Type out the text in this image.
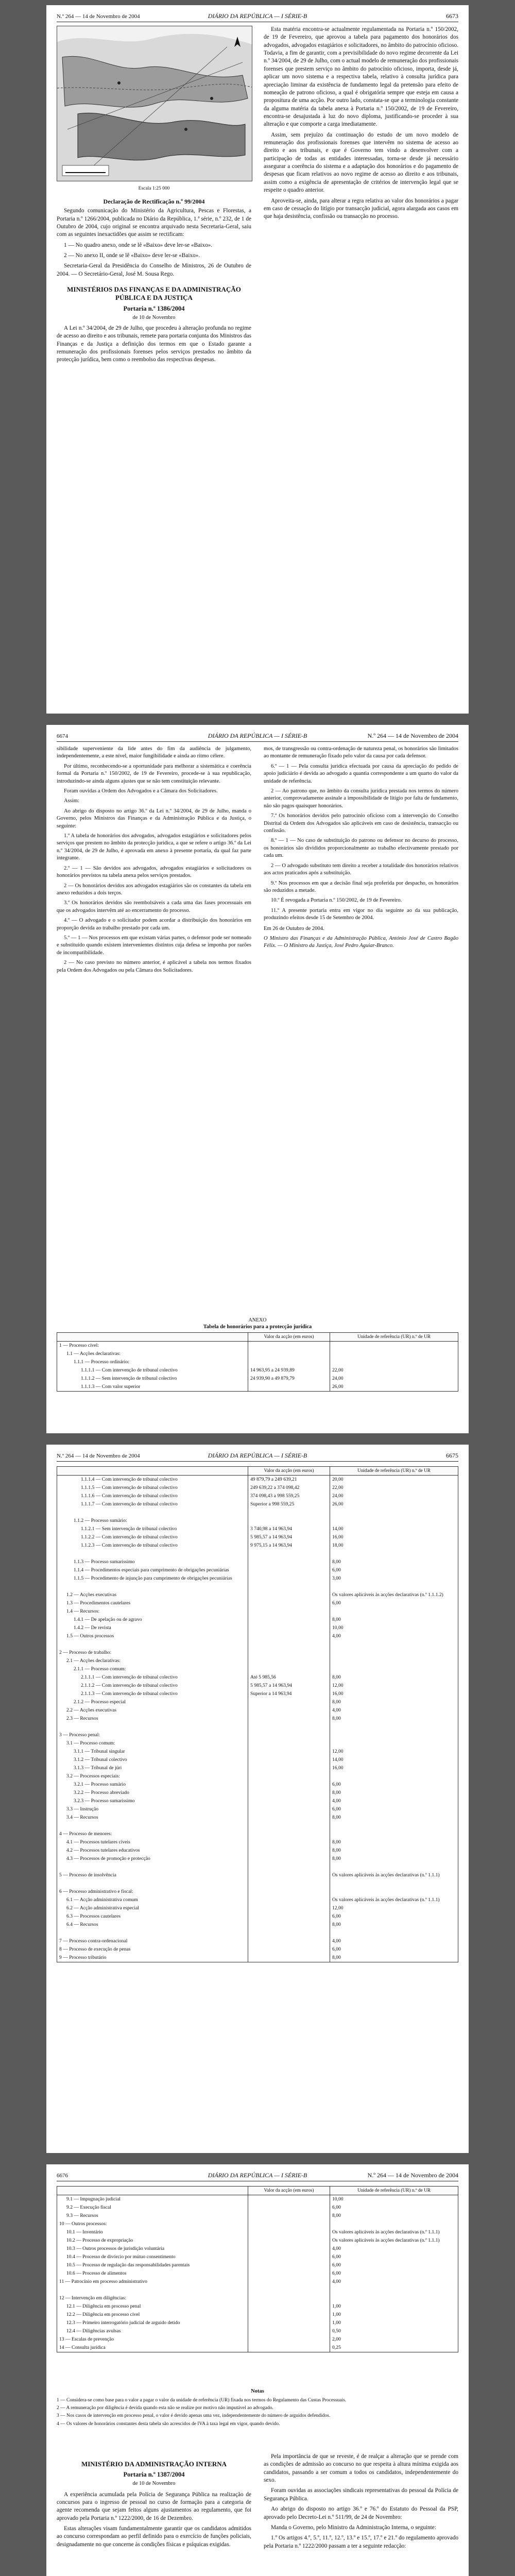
N.º 264 — 14 de Novembro de 2004	DIÁRIO DA REPÚBLICA — I SÉRIE-B	6673
Escala 1:25 000
Declaração de Rectificação n.º 99/2004

Segundo comunicação do Ministério da Agricultura, Pescas e Florestas, a Portaria n.º 1266/2004, publicada no Diário da República, 1.ª série, n.º 232, de 1 de Outubro de 2004, cujo original se encontra arquivado nesta Secretaria-Geral, saiu com as seguintes inexactidões que assim se rectificam:

1 — No quadro anexo, onde se lê «Baixo» deve ler-se «Baixo».

2 — No anexo II, onde se lê «Baixo» deve ler-se «Baixo».

Secretaria-Geral da Presidência do Conselho de Ministros, 26 de Outubro de 2004. — O Secretário-Geral, José M. Sousa Rego.

MINISTÉRIOS DAS FINANÇAS E DA ADMINISTRAÇÃO PÚBLICA E DA JUSTIÇA
Portaria n.º 1386/2004
de 10 de Novembro

A Lei n.º 34/2004, de 29 de Julho, que procedeu à alteração profunda no regime de acesso ao direito e aos tribunais, remete para portaria conjunta dos Ministros das Finanças e da Justiça a definição dos termos em que o Estado garante a remuneração dos profissionais forenses pelos serviços prestados no âmbito da protecção jurídica, bem como o reembolso das respectivas despesas.

Esta matéria encontra-se actualmente regulamentada na Portaria n.º 150/2002, de 19 de Fevereiro, que aprovou a tabela para pagamento dos honorários dos advogados, advogados estagiários e solicitadores, no âmbito do patrocínio oficioso. Todavia, a fim de garantir, com a previsibilidade do novo regime decorrente da Lei n.º 34/2004, de 29 de Julho, com o actual modelo de remuneração dos profissionais forenses que prestem serviço no âmbito do patrocínio oficioso, importa, desde já, aplicar um novo sistema e a respectiva tabela, relativo à consulta jurídica para apreciação liminar da existência de fundamento legal da pretensão para efeito de nomeação de patrono oficioso, a qual é obrigatória sempre que esteja em causa a propositura de uma acção. Por outro lado, constata-se que a terminologia constante da alguma matéria da tabela anexa à Portaria n.º 150/2002, de 19 de Fevereiro, encontra-se desajustada à luz do novo diploma, justificando-se proceder à sua alteração e que comporte a carga imediatamente.

Assim, sem prejuízo da continuação do estudo de um novo modelo de remuneração dos profissionais forenses que intervêm no sistema de acesso ao direito e aos tribunais, e que é Governo tem vindo a desenvolver com a participação de todas as entidades interessadas, torna-se desde já necessário assegurar a coerência do sistema e a adaptação dos honorários e do pagamento de despesas que ficam relativos ao novo regime de acesso ao direito e aos tribunais, assim como a exigência de apresentação de critérios de intervenção legal que se respeite o quadro anterior.

Aproveita-se, ainda, para alterar a regra relativa ao valor dos honorários a pagar em caso de cessação do litígio por transacção judicial, agora alargada aos casos em que haja desistência, confissão ou transacção no processo.

6674	DIÁRIO DA REPÚBLICA — I SÉRIE-B	N.º 264 — 14 de Novembro de 2004

sibilidade superveniente da lide antes do fim da audiência de julgamento, independentemente, a este nível, maior fungibilidade e ainda ao ritmo célere.

Por último, reconhecendo-se a oportunidade para melhorar a sistemática e coerência formal da Portaria n.º 150/2002, de 19 de Fevereiro, procede-se à sua republicação, introduzindo-se ainda alguns ajustes que se não tem constituição relevante.

Foram ouvidas a Ordem dos Advogados e a Câmara dos Solicitadores.

Assim:

Ao abrigo do disposto no artigo 36.º da Lei n.º 34/2004, de 29 de Julho, manda o Governo, pelos Ministros das Finanças e da Administração Pública e da Justiça, o seguinte:

1.º A tabela de honorários dos advogados, advogados estagiários e solicitadores pelos serviços que prestem no âmbito da protecção jurídica, a que se refere o artigo 36.º da Lei n.º 34/2004, de 29 de Julho, é aprovada em anexo à presente portaria, da qual faz parte integrante.

2.º — 1 — São devidos aos advogados, advogados estagiários e solicitadores os honorários previstos na tabela anexa pelos serviços prestados.

2 — Os honorários devidos aos advogados estagiários são os constantes da tabela em anexo reduzidos a dois terços.

3.º Os honorários devidos são reembolsáveis a cada uma das fases processuais em que os advogados intervêm até ao encerramento do processo.

4.º — O advogado e o solicitador podem acordar a distribuição dos honorários em proporção devida ao trabalho prestado por cada um.

5.º — 1 — Nos processos em que existam várias partes, o defensor pode ser nomeado e substituído quando existem intervenientes distintos cuja defesa se imponha por razões de incompatibilidade.

2 — No caso previsto no número anterior, é aplicável a tabela nos termos fixados pela Ordem dos Advogados ou pela Câmara dos Solicitadores.

mos, de transgressão ou contra-ordenação de natureza penal, os honorários são limitados ao montante de remuneração fixado pelo valor da causa por cada defensor.

6.º — 1 — Pela consulta jurídica efectuada por causa da apreciação do pedido de apoio judiciário é devida ao advogado a quantia correspondente a um quarto do valor da unidade de referência.

2 — Ao patrono que, no âmbito da consulta jurídica prestada nos termos do número anterior, comprovadamente assinale a impossibilidade de litígio por falta de fundamento, não são pagos quaisquer honorários.

7.º Os honorários devidos pelo patrocínio oficioso com a intervenção do Conselho Distrital da Ordem dos Advogados são aplicáveis em caso de desistência, transacção ou confissão.

8.º — 1 — No caso de substituição do patrono ou defensor no decurso do processo, os honorários são divididos proporcionalmente ao trabalho efectivamente prestado por cada um.

2 — O advogado substituto tem direito a receber a totalidade dos honorários relativos aos actos praticados após a substituição.

9.º Nos processos em que a decisão final seja proferida por despacho, os honorários são reduzidos a metade.

10.º É revogada a Portaria n.º 150/2002, de 19 de Fevereiro.

11.º A presente portaria entra em vigor no dia seguinte ao da sua publicação, produzindo efeitos desde 15 de Setembro de 2004.

Em 26 de Outubro de 2004.

O Ministro das Finanças e da Administração Pública, António José de Castro Bagão Félix. — O Ministro da Justiça, José Pedro Aguiar-Branco.

ANEXO
Tabela de honorários para a protecção jurídica
	Valor da acção (em euros)	Unidade de referência (UR) n.º de UR
1 — Processo cível:		
1.1 — Acções declarativas:		
1.1.1 — Processo ordinário:		
1.1.1.1 — Com intervenção de tribunal colectivo	14 963,95 a 24 939,89	22,00
1.1.1.2 — Sem intervenção de tribunal colectivo	24 939,90 a 49 879,79	24,00
1.1.1.3 — Com valor superior		26,00
N.º 264 — 14 de Novembro de 2004	DIÁRIO DA REPÚBLICA — I SÉRIE-B	6675
	Valor da acção (em euros)	Unidade de referência (UR) n.º de UR
1.1.1.4 — Com intervenção de tribunal colectivo	49 879,79 a 249 639,21	20,00
1.1.1.5 — Com intervenção de tribunal colectivo	249 639,22 a 374 098,42	22,00
1.1.1.6 — Com intervenção de tribunal colectivo	374 098,43 a 998 559,25	24,00
1.1.1.7 — Com intervenção de tribunal colectivo	Superior a 998 559,25	26,00

1.1.2 — Processo sumário:		
1.1.2.1 — Sem intervenção de tribunal colectivo	3 740,98 a 14 963,94	14,00
1.1.2.2 — Com intervenção de tribunal colectivo	5 985,57 a 14 963,94	16,00
1.1.2.3 — Com intervenção de tribunal colectivo	9 975,15 a 14 963,94	18,00

1.1.3 — Processo sumaríssimo		8,00
1.1.4 — Procedimentos especiais para cumprimento de obrigações pecuniárias		6,00
1.1.5 — Procedimento de injunção para cumprimento de obrigações pecuniárias		3,00

1.2 — Acções executivas		Os valores aplicáveis às acções declarativas (n.º 1.1.1.2)
1.3 — Procedimentos cautelares		6,00
1.4 — Recursos:		
1.4.1 — De apelação ou de agravo		8,00
1.4.2 — De revista		10,00
1.5 — Outros processos		4,00

2 — Processo de trabalho:		
2.1 — Acções declarativas:		
2.1.1 — Processo comum:		
2.1.1.1 — Com intervenção de tribunal colectivo	Até 5 985,56	8,00
2.1.1.2 — Com intervenção de tribunal colectivo	5 985,57 a 14 963,94	12,00
2.1.1.3 — Com intervenção de tribunal colectivo	Superior a 14 963,94	16,00
2.1.2 — Processo especial		8,00
2.2 — Acções executivas		4,00
2.3 — Recursos		8,00

3 — Processo penal:		
3.1 — Processo comum:		
3.1.1 — Tribunal singular		12,00
3.1.2 — Tribunal colectivo		14,00
3.1.3 — Tribunal de júri		16,00
3.2 — Processos especiais:		
3.2.1 — Processo sumário		6,00
3.2.2 — Processo abreviado		8,00
3.2.3 — Processo sumaríssimo		4,00
3.3 — Instrução		6,00
3.4 — Recursos		8,00

4 — Processo de menores:		
4.1 — Processos tutelares cíveis		8,00
4.2 — Processos tutelares educativos		8,00
4.3 — Processos de promoção e protecção		8,00

5 — Processo de insolvência		Os valores aplicáveis às acções declarativas (n.º 1.1.1)

6 — Processo administrativo e fiscal:		
6.1 — Acção administrativa comum		Os valores aplicáveis às acções declarativas (n.º 1.1.1)
6.2 — Acção administrativa especial		12,00
6.3 — Processos cautelares		6,00
6.4 — Recursos		8,00

7 — Processo contra-ordenacional		4,00
8 — Processo de execução de penas		6,00
9 — Processo tributário		8,00
6676	DIÁRIO DA REPÚBLICA — I SÉRIE-B	N.º 264 — 14 de Novembro de 2004
	Valor da acção (em euros)	Unidade de referência (UR) n.º de UR
9.1 — Impugnação judicial		10,00
9.2 — Execução fiscal		6,00
9.3 — Recursos		8,00
10 — Outros processos:		
10.1 — Inventário		Os valores aplicáveis às acções declarativas (n.º 1.1.1)
10.2 — Processo de expropriação		Os valores aplicáveis às acções declarativas (n.º 1.1.1)
10.3 — Outros processos de jurisdição voluntária		4,00
10.4 — Processo de divórcio por mútuo consentimento		6,00
10.5 — Processo de regulação das responsabilidades parentais		6,00
10.6 — Processo de alimentos		6,00
11 — Patrocínio em processo administrativo		4,00

12 — Intervenção em diligências:		
12.1 — Diligência em processo penal		1,00
12.2 — Diligência em processo cível		1,00
12.3 — Primeiro interrogatório judicial de arguido detido		1,00
12.4 — Diligências avulsas		0,50
13 — Escalas de prevenção		2,00
14 — Consulta jurídica		0,25
Notas

1 — Considera-se como base para o valor a pagar o valor da unidade de referência (UR) fixada nos termos do Regulamento das Custas Processuais.

2 — A remuneração por diligência é devida quando esta não se realize por motivo não imputável ao advogado.

3 — Nos casos de intervenção em processo penal, o valor é devido apenas uma vez, independentemente do número de arguidos defendidos.

4 — Os valores de honorários constantes desta tabela são acrescidos de IVA à taxa legal em vigor, quando devido.

MINISTÉRIO DA ADMINISTRAÇÃO INTERNA
Portaria n.º 1387/2004
de 10 de Novembro

A experiência acumulada pela Polícia de Segurança Pública na realização de concursos para o ingresso de pessoal no curso de formação para a categoria de agente recomenda que sejam feitos alguns ajustamentos ao regulamento, que foi aprovado pela Portaria n.º 1222/2000, de 16 de Dezembro.

Estas alterações visam fundamentalmente garantir que os candidatos admitidos ao concurso correspondam ao perfil definido para o exercício de funções policiais, designadamente no que concerne às condições físicas e psíquicas exigidas.

Pela importância de que se reveste, é de realçar a alteração que se prende com as condições de admissão ao concurso no que respeita à altura mínima exigida aos candidatos, passando a ser comum a todos os candidatos, independentemente do sexo.

Foram ouvidas as associações sindicais representativas do pessoal da Polícia de Segurança Pública.

Ao abrigo do disposto no artigo 36.º e 76.º do Estatuto do Pessoal da PSP, aprovado pelo Decreto-Lei n.º 511/99, de 24 de Novembro:

Manda o Governo, pelo Ministro da Administração Interna, o seguinte:

1.º Os artigos 4.º, 5.º, 11.º, 12.º, 13.º e 15.º, 17.º e 21.º do regulamento aprovado pela Portaria n.º 1222/2000 passam a ter a seguinte redacção:
